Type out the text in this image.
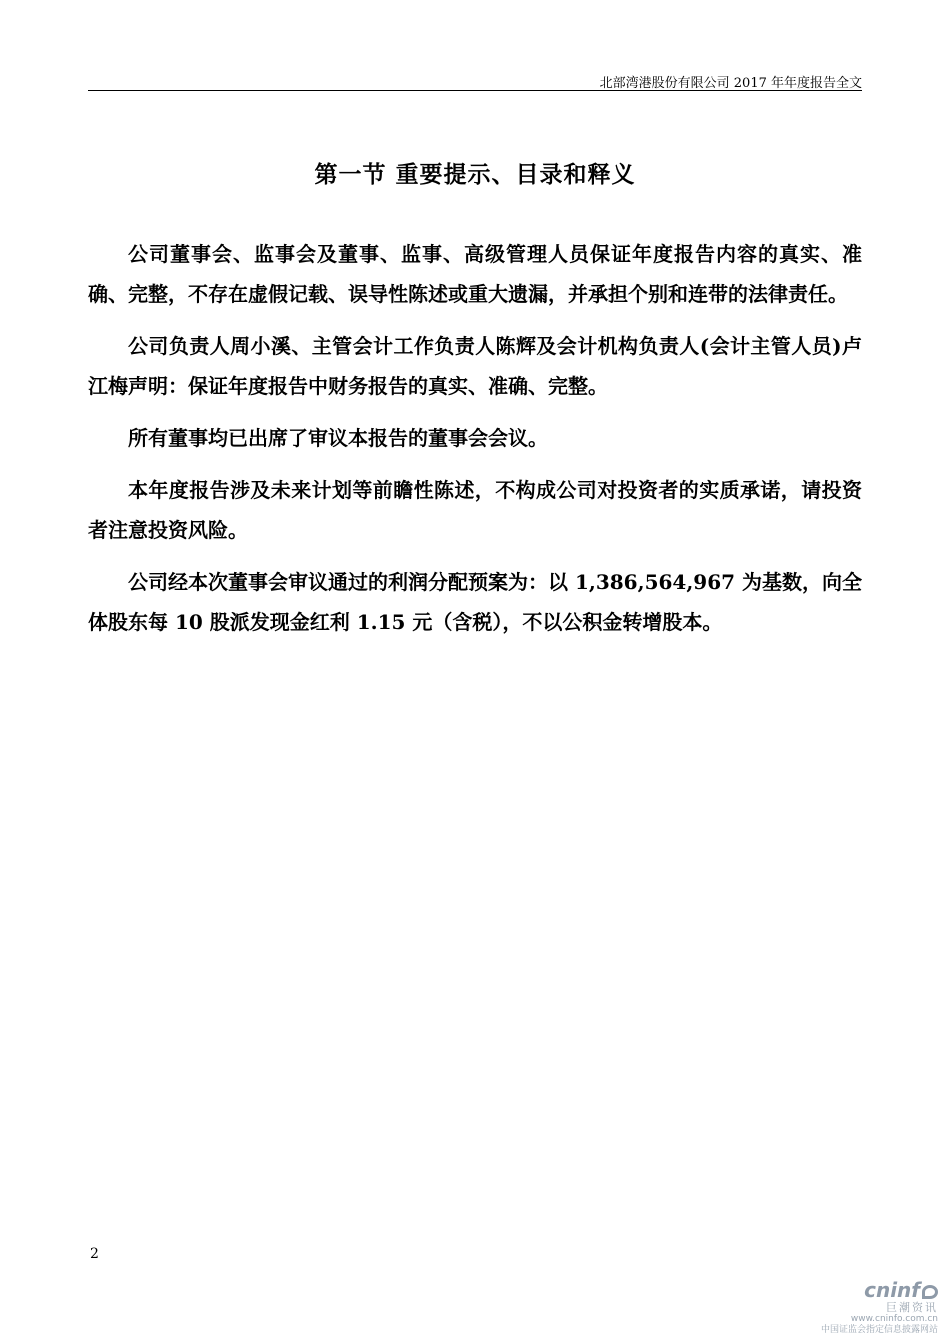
北部湾港股份有限公司 2017 年年度报告全文
第一节 重要提示、目录和释义

公司董事会、监事会及董事、监事、高级管理人员保证年度报告内容的真实、准确、完整，不存在虚假记载、误导性陈述或重大遗漏，并承担个别和连带的法律责任。

公司负责人周小溪、主管会计工作负责人陈辉及会计机构负责人(会计主管人员)卢江梅声明：保证年度报告中财务报告的真实、准确、完整。

所有董事均已出席了审议本报告的董事会会议。

本年度报告涉及未来计划等前瞻性陈述，不构成公司对投资者的实质承诺，请投资者注意投资风险。

公司经本次董事会审议通过的利润分配预案为：以 1,386,564,967 为基数，向全体股东每 10 股派发现金红利 1.15 元（含税），不以公积金转增股本。

2
cninf
巨潮资讯
www.cninfo.com.cn
中国证监会指定信息披露网站
